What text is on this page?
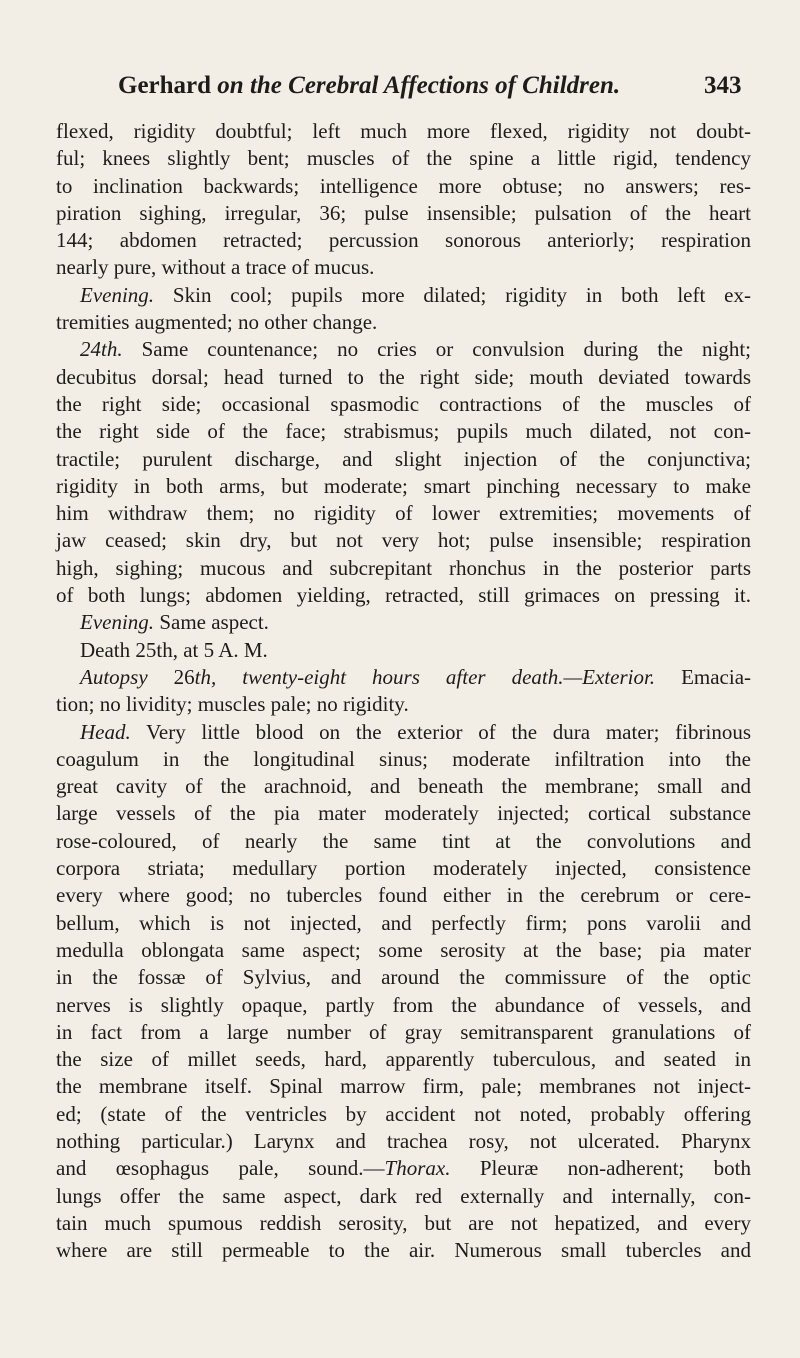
Gerhard on the Cerebral Affections of Children.	343
flexed, rigidity doubtful; left much more flexed, rigidity not doubt-
ful; knees slightly bent; muscles of the spine a little rigid, tendency
to inclination backwards; intelligence more obtuse; no answers; res-
piration sighing, irregular, 36; pulse insensible; pulsation of the heart
144; abdomen retracted; percussion sonorous anteriorly; respiration
nearly pure, without a trace of mucus.
Evening. Skin cool; pupils more dilated; rigidity in both left ex-
tremities augmented; no other change.
24th. Same countenance; no cries or convulsion during the night;
decubitus dorsal; head turned to the right side; mouth deviated towards
the right side; occasional spasmodic contractions of the muscles of
the right side of the face; strabismus; pupils much dilated, not con-
tractile; purulent discharge, and slight injection of the conjunctiva;
rigidity in both arms, but moderate; smart pinching necessary to make
him withdraw them; no rigidity of lower extremities; movements of
jaw ceased; skin dry, but not very hot; pulse insensible; respiration
high, sighing; mucous and subcrepitant rhonchus in the posterior parts
of both lungs; abdomen yielding, retracted, still grimaces on pressing it.
Evening. Same aspect.
Death 25th, at 5 A. M.
Autopsy 26th, twenty-eight hours after death.—Exterior. Emacia-
tion; no lividity; muscles pale; no rigidity.
Head. Very little blood on the exterior of the dura mater; fibrinous
coagulum in the longitudinal sinus; moderate infiltration into the
great cavity of the arachnoid, and beneath the membrane; small and
large vessels of the pia mater moderately injected; cortical substance
rose-coloured, of nearly the same tint at the convolutions and
corpora striata; medullary portion moderately injected, consistence
every where good; no tubercles found either in the cerebrum or cere-
bellum, which is not injected, and perfectly firm; pons varolii and
medulla oblongata same aspect; some serosity at the base; pia mater
in the fossæ of Sylvius, and around the commissure of the optic
nerves is slightly opaque, partly from the abundance of vessels, and
in fact from a large number of gray semitransparent granulations of
the size of millet seeds, hard, apparently tuberculous, and seated in
the membrane itself. Spinal marrow firm, pale; membranes not inject-
ed; (state of the ventricles by accident not noted, probably offering
nothing particular.) Larynx and trachea rosy, not ulcerated. Pharynx
and œsophagus pale, sound.—Thorax. Pleuræ non-adherent; both
lungs offer the same aspect, dark red externally and internally, con-
tain much spumous reddish serosity, but are not hepatized, and every
where are still permeable to the air. Numerous small tubercles and
